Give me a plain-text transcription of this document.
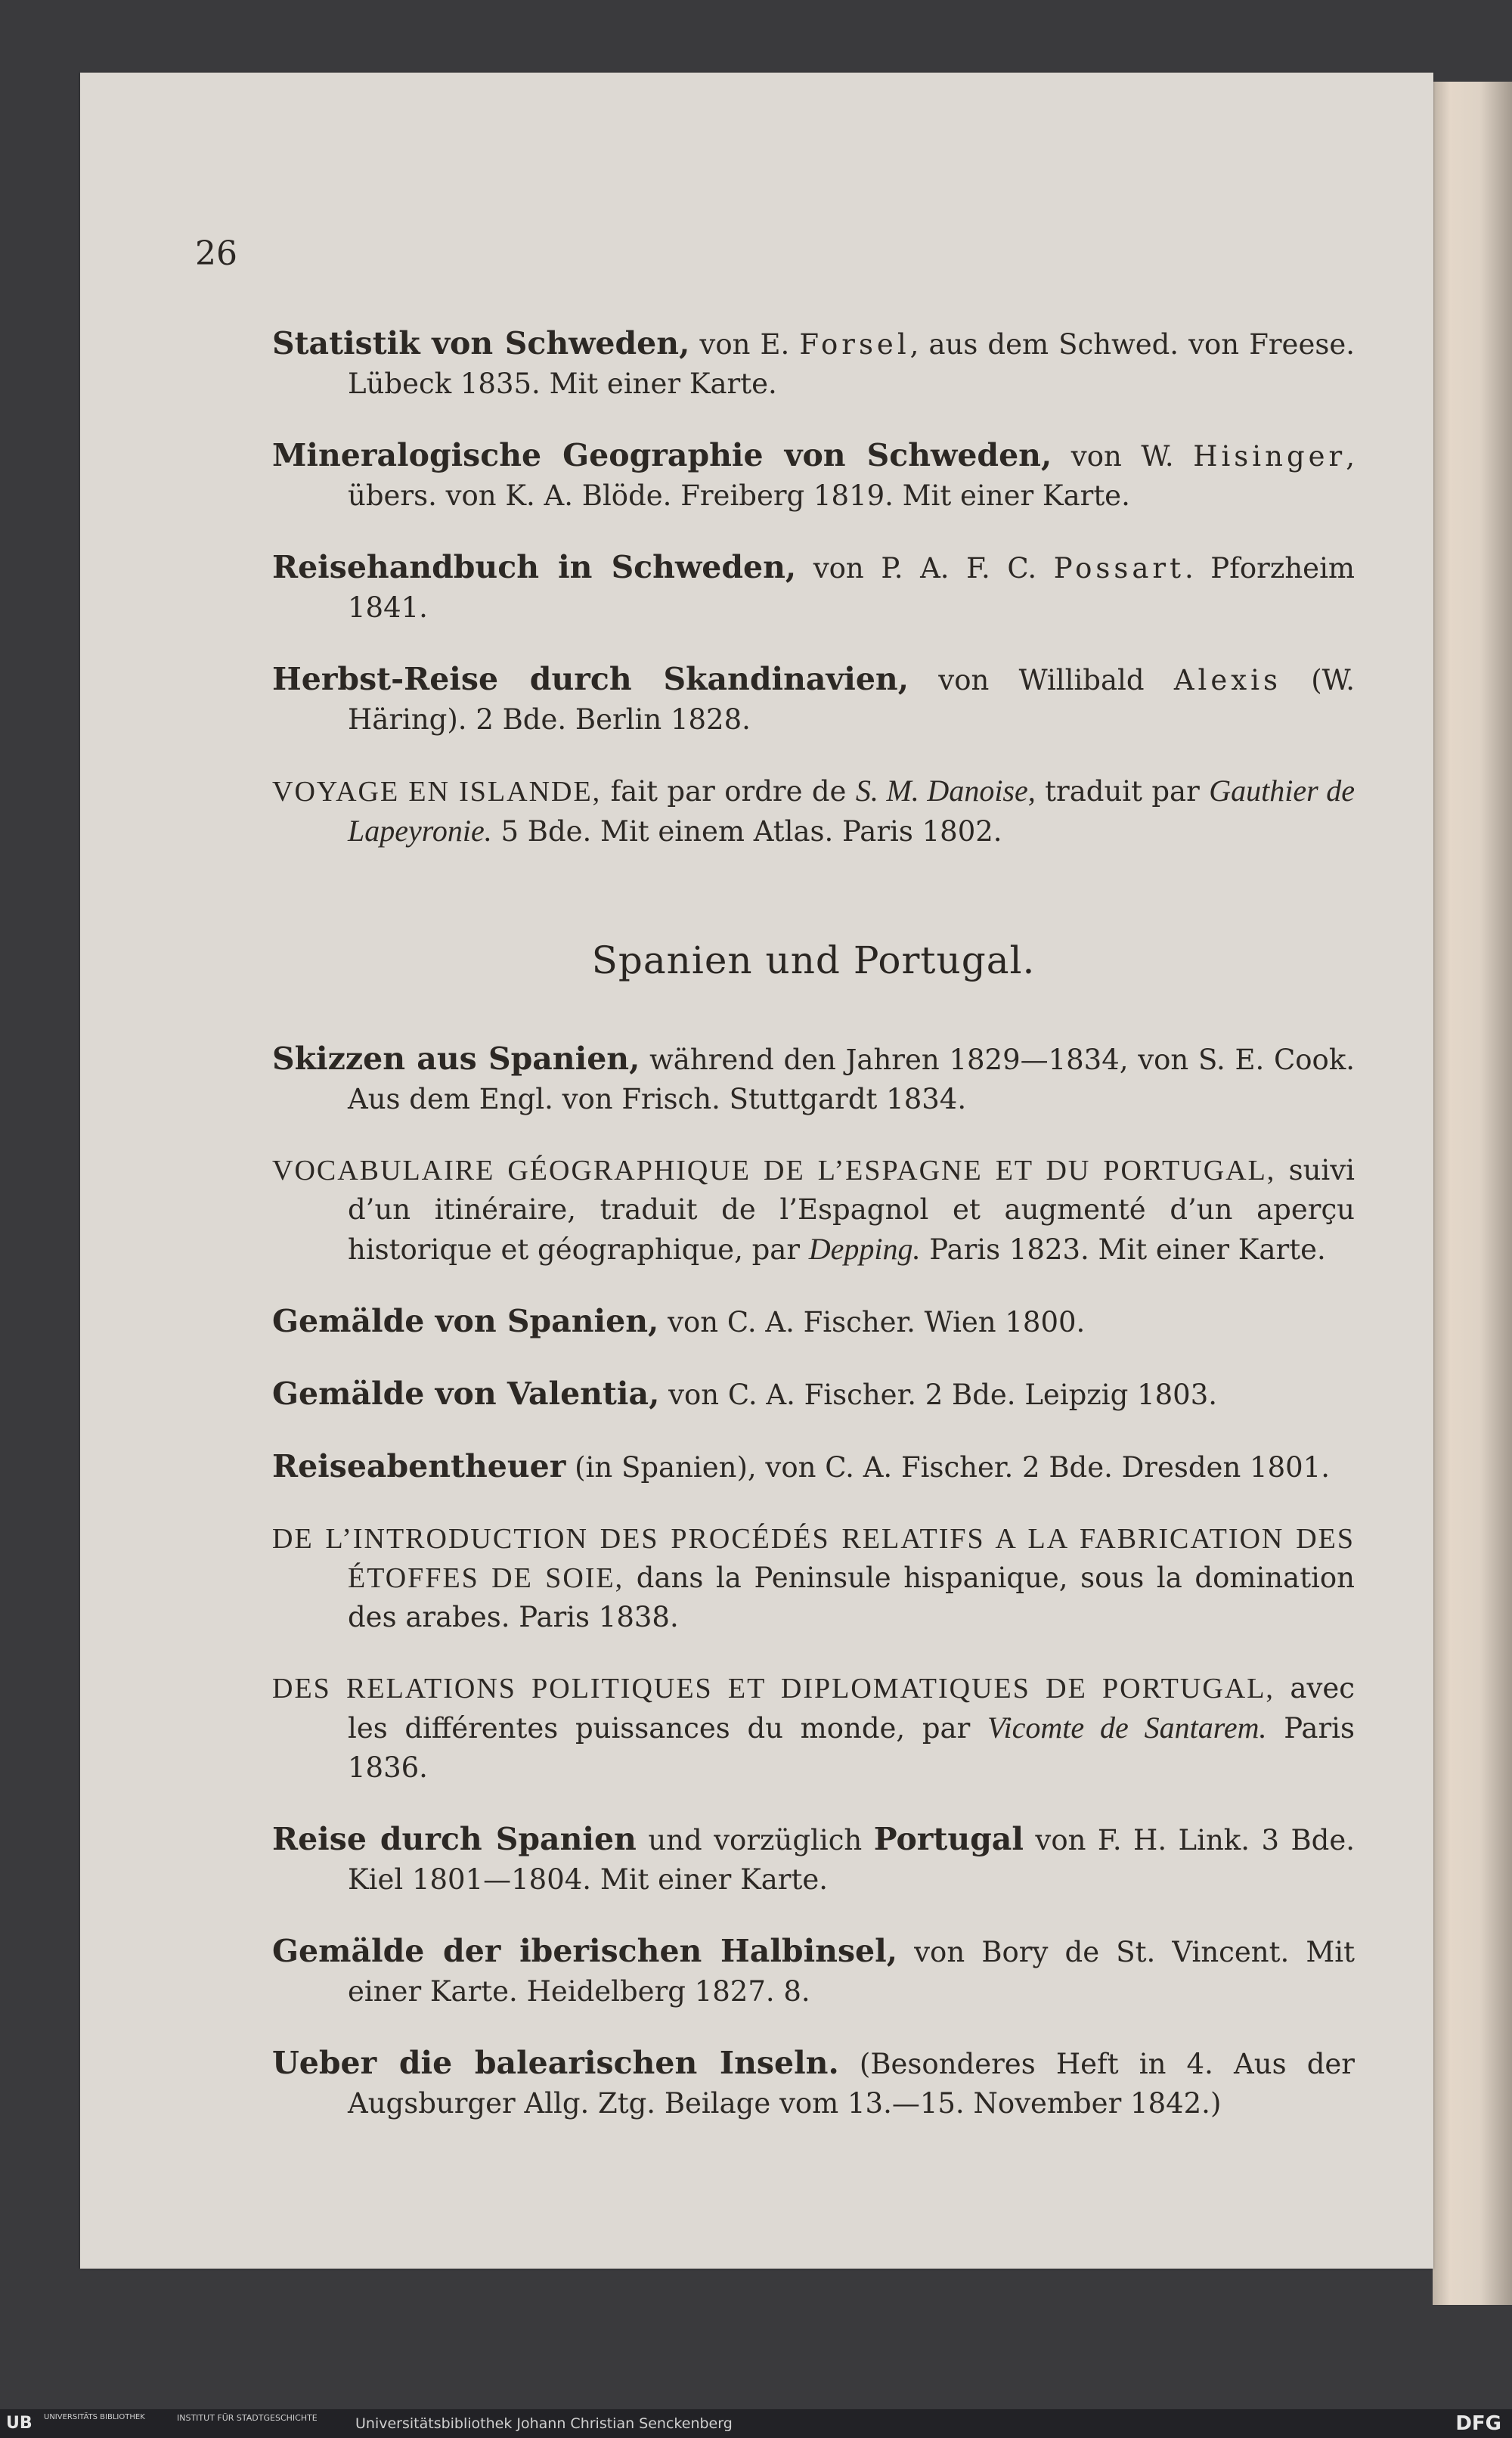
26

Statistik von Schweden, von E. Forsel, aus dem Schwed. von Freese. Lübeck 1835. Mit einer Karte.

Mineralogische Geographie von Schweden, von W. Hisinger, übers. von K. A. Blöde. Freiberg 1819. Mit einer Karte.

Reisehandbuch in Schweden, von P. A. F. C. Possart. Pforzheim 1841.

Herbst-Reise durch Skandinavien, von Willibald Alexis (W. Häring). 2 Bde. Berlin 1828.

VOYAGE EN ISLANDE, fait par ordre de S. M. Danoise, traduit par Gauthier de Lapeyronie. 5 Bde. Mit einem Atlas. Paris 1802.

Spanien und Portugal.

Skizzen aus Spanien, während den Jahren 1829—1834, von S. E. Cook. Aus dem Engl. von Frisch. Stuttgardt 1834.

VOCABULAIRE GÉOGRAPHIQUE DE L’ESPAGNE ET DU PORTUGAL, suivi d’un itinéraire, traduit de l’Espagnol et augmenté d’un aperçu historique et géographique, par Depping. Paris 1823. Mit einer Karte.

Gemälde von Spanien, von C. A. Fischer. Wien 1800.

Gemälde von Valentia, von C. A. Fischer. 2 Bde. Leipzig 1803.

Reiseabentheuer (in Spanien), von C. A. Fischer. 2 Bde. Dresden 1801.

DE L’INTRODUCTION DES PROCÉDÉS RELATIFS A LA FABRICATION DES ÉTOFFES DE SOIE, dans la Peninsule hispanique, sous la domination des arabes. Paris 1838.

DES RELATIONS POLITIQUES ET DIPLOMATIQUES DE PORTUGAL, avec les différentes puissances du monde, par Vicomte de Santarem. Paris 1836.

Reise durch Spanien und vorzüglich Portugal von F. H. Link. 3 Bde. Kiel 1801—1804. Mit einer Karte.

Gemälde der iberischen Halbinsel, von Bory de St. Vincent. Mit einer Karte. Heidelberg 1827. 8.

Ueber die balearischen Inseln. (Besonderes Heft in 4. Aus der Augsburger Allg. Ztg. Beilage vom 13.—15. November 1842.)

UB UNIVERSITÄTS BIBLIOTHEK	INSTITUT FÜR STADTGESCHICHTE	Universitätsbibliothek Johann Christian Senckenberg	DFG
